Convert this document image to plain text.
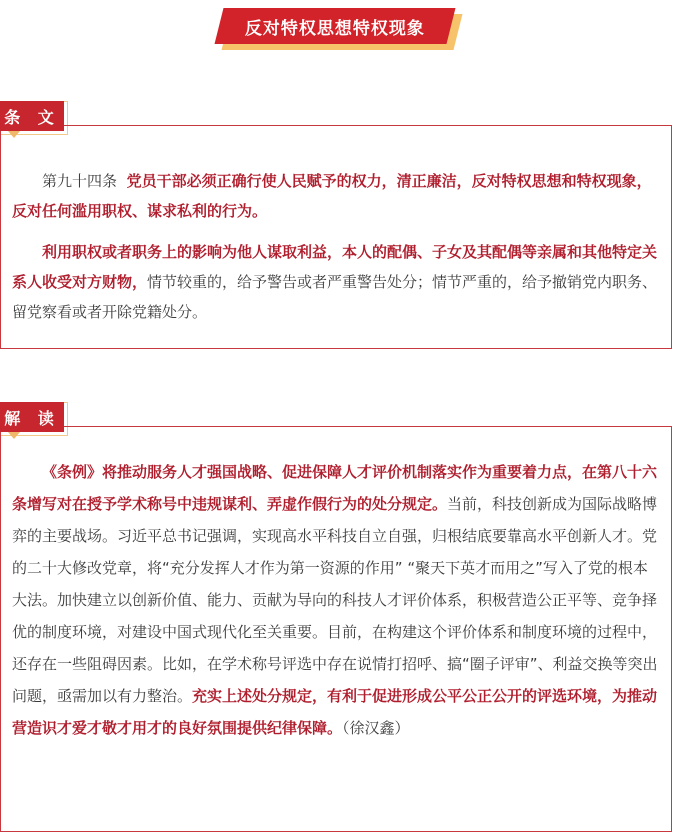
反对特权思想特权现象
条 文
第九十四条 党员干部必须正确行使人民赋予的权力，清正廉洁，反对特权思想和特权现象，反对任何滥用职权、谋求私利的行为。
利用职权或者职务上的影响为他人谋取利益，本人的配偶、子女及其配偶等亲属和其他特定关系人收受对方财物，情节较重的，给予警告或者严重警告处分；情节严重的，给予撤销党内职务、留党察看或者开除党籍处分。
解 读
《条例》将推动服务人才强国战略、促进保障人才评价机制落实作为重要着力点，在第八十六条增写对在授予学术称号中违规谋利、弄虚作假行为的处分规定。当前，科技创新成为国际战略博弈的主要战场。习近平总书记强调，实现高水平科技自立自强，归根结底要靠高水平创新人才。党的二十大修改党章，将“充分发挥人才作为第一资源的作用” “聚天下英才而用之”写入了党的根本大法。加快建立以创新价值、能力、贡献为导向的科技人才评价体系，积极营造公正平等、竞争择优的制度环境，对建设中国式现代化至关重要。目前，在构建这个评价体系和制度环境的过程中，还存在一些阻碍因素。比如，在学术称号评选中存在说情打招呼、搞“圈子评审”、利益交换等突出问题，亟需加以有力整治。充实上述处分规定，有利于促进形成公平公正公开的评选环境，为推动营造识才爱才敬才用才的良好氛围提供纪律保障。（徐汉鑫）
